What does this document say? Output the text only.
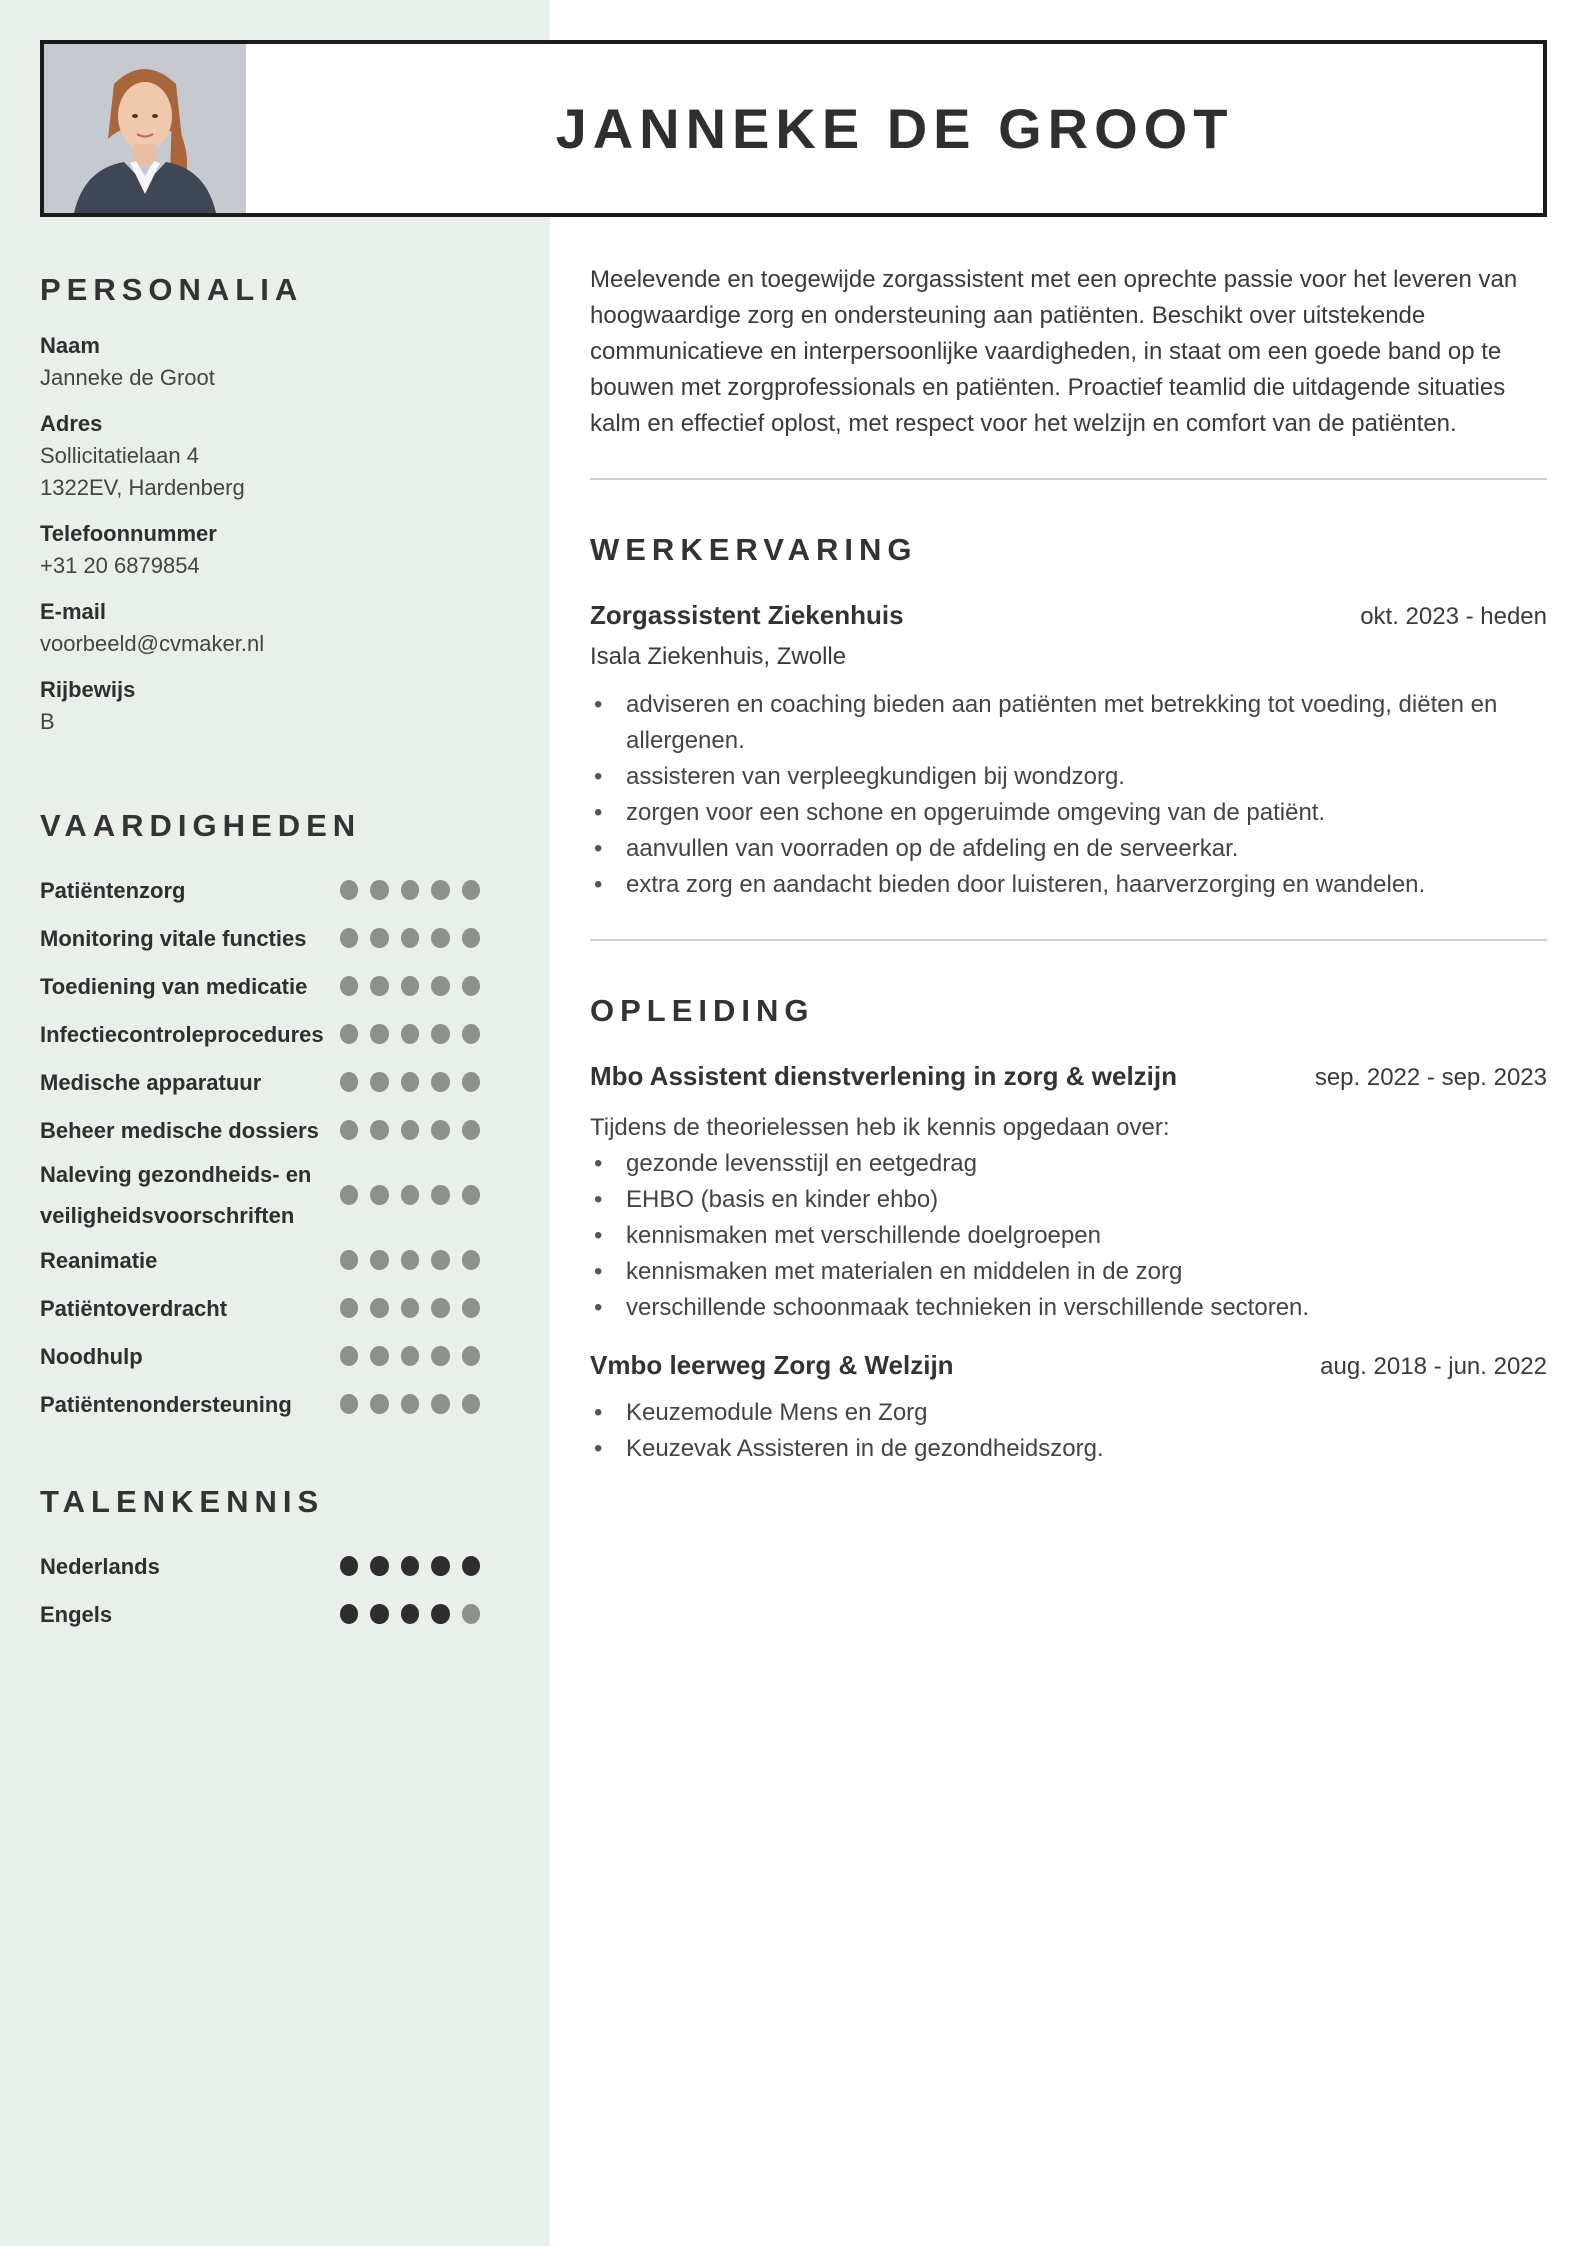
JANNEKE DE GROOT
PERSONALIA

Naam

Janneke de Groot

Adres

Sollicitatielaan 4

1322EV, Hardenberg

Telefoonnummer

+31 20 6879854

E-mail

voorbeeld@cvmaker.nl

Rijbewijs

B

VAARDIGHEDEN
Patiëntenzorg
Monitoring vitale functies
Toediening van medicatie
Infectiecontroleprocedures
Medische apparatuur
Beheer medische dossiers
Naleving gezondheids- en veiligheidsvoorschriften
Reanimatie
Patiëntoverdracht
Noodhulp
Patiëntenondersteuning
TALENKENNIS
Nederlands
Engels

Meelevende en toegewijde zorgassistent met een oprechte passie voor het leveren van hoogwaardige zorg en ondersteuning aan patiënten. Beschikt over uitstekende communicatieve en interpersoonlijke vaardigheden, in staat om een goede band op te bouwen met zorgprofessionals en patiënten. Proactief teamlid die uitdagende situaties kalm en effectief oplost, met respect voor het welzijn en comfort van de patiënten.

WERKERVARING
Zorgassistent Ziekenhuis	okt. 2023 - heden
Isala Ziekenhuis, Zwolle
• adviseren en coaching bieden aan patiënten met betrekking tot voeding, diëten en allergenen.
• assisteren van verpleegkundigen bij wondzorg.
• zorgen voor een schone en opgeruimde omgeving van de patiënt.
• aanvullen van voorraden op de afdeling en de serveerkar.
• extra zorg en aandacht bieden door luisteren, haarverzorging en wandelen.
OPLEIDING
Mbo Assistent dienstverlening in zorg & welzijn	sep. 2022 - sep. 2023
Tijdens de theorielessen heb ik kennis opgedaan over:
• gezonde levensstijl en eetgedrag
• EHBO (basis en kinder ehbo)
• kennismaken met verschillende doelgroepen
• kennismaken met materialen en middelen in de zorg
• verschillende schoonmaak technieken in verschillende sectoren.
Vmbo leerweg Zorg & Welzijn	aug. 2018 - jun. 2022
• Keuzemodule Mens en Zorg
• Keuzevak Assisteren in de gezondheidszorg.
